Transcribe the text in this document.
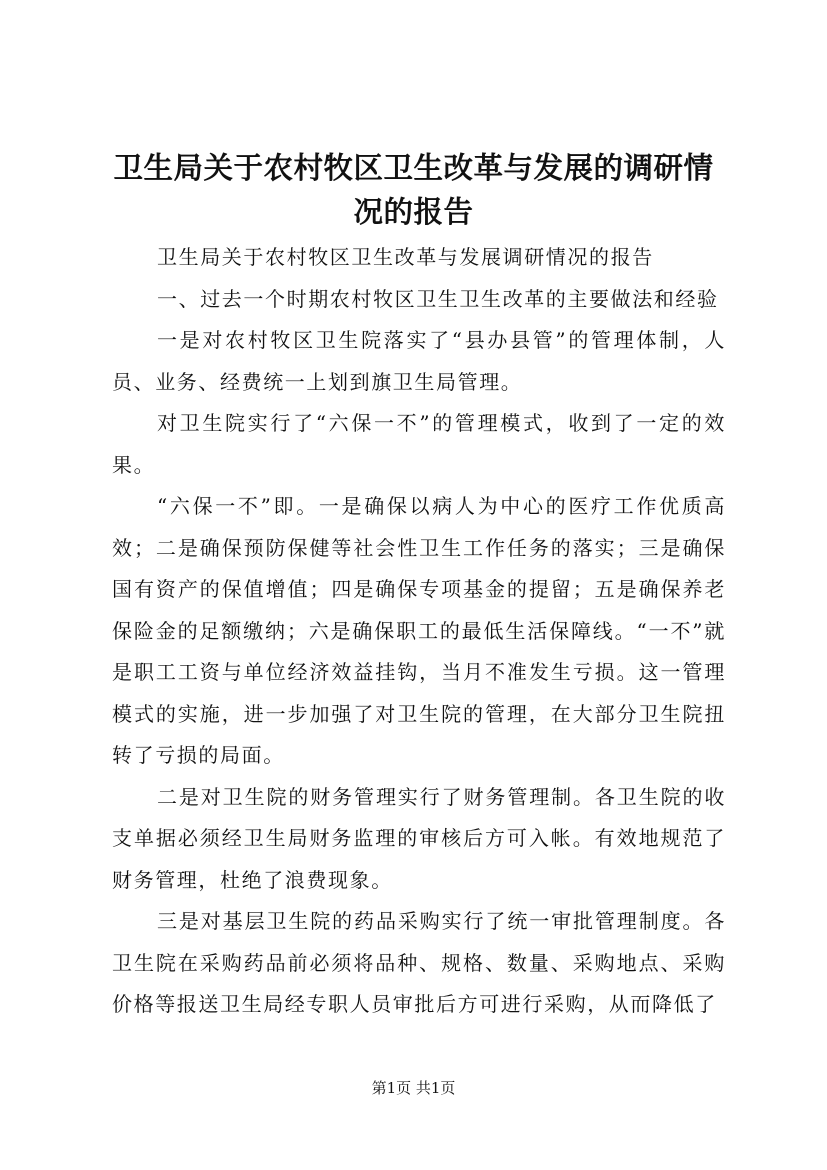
卫生局关于农村牧区卫生改革与发展的调研情况的报告

卫生局关于农村牧区卫生改革与发展调研情况的报告

一、过去一个时期农村牧区卫生卫生改革的主要做法和经验

一是对农村牧区卫生院落实了“县办县管”的管理体制，人员、业务、经费统一上划到旗卫生局管理。

对卫生院实行了“六保一不”的管理模式，收到了一定的效果。

“六保一不”即。一是确保以病人为中心的医疗工作优质高效；二是确保预防保健等社会性卫生工作任务的落实；三是确保国有资产的保值增值；四是确保专项基金的提留；五是确保养老保险金的足额缴纳；六是确保职工的最低生活保障线。“一不”就是职工工资与单位经济效益挂钩，当月不准发生亏损。这一管理模式的实施，进一步加强了对卫生院的管理，在大部分卫生院扭转了亏损的局面。

二是对卫生院的财务管理实行了财务管理制。各卫生院的收支单据必须经卫生局财务监理的审核后方可入帐。有效地规范了财务管理，杜绝了浪费现象。

三是对基层卫生院的药品采购实行了统一审批管理制度。各卫生院在采购药品前必须将品种、规格、数量、采购地点、采购价格等报送卫生局经专职人员审批后方可进行采购，从而降低了

第1页 共1页
